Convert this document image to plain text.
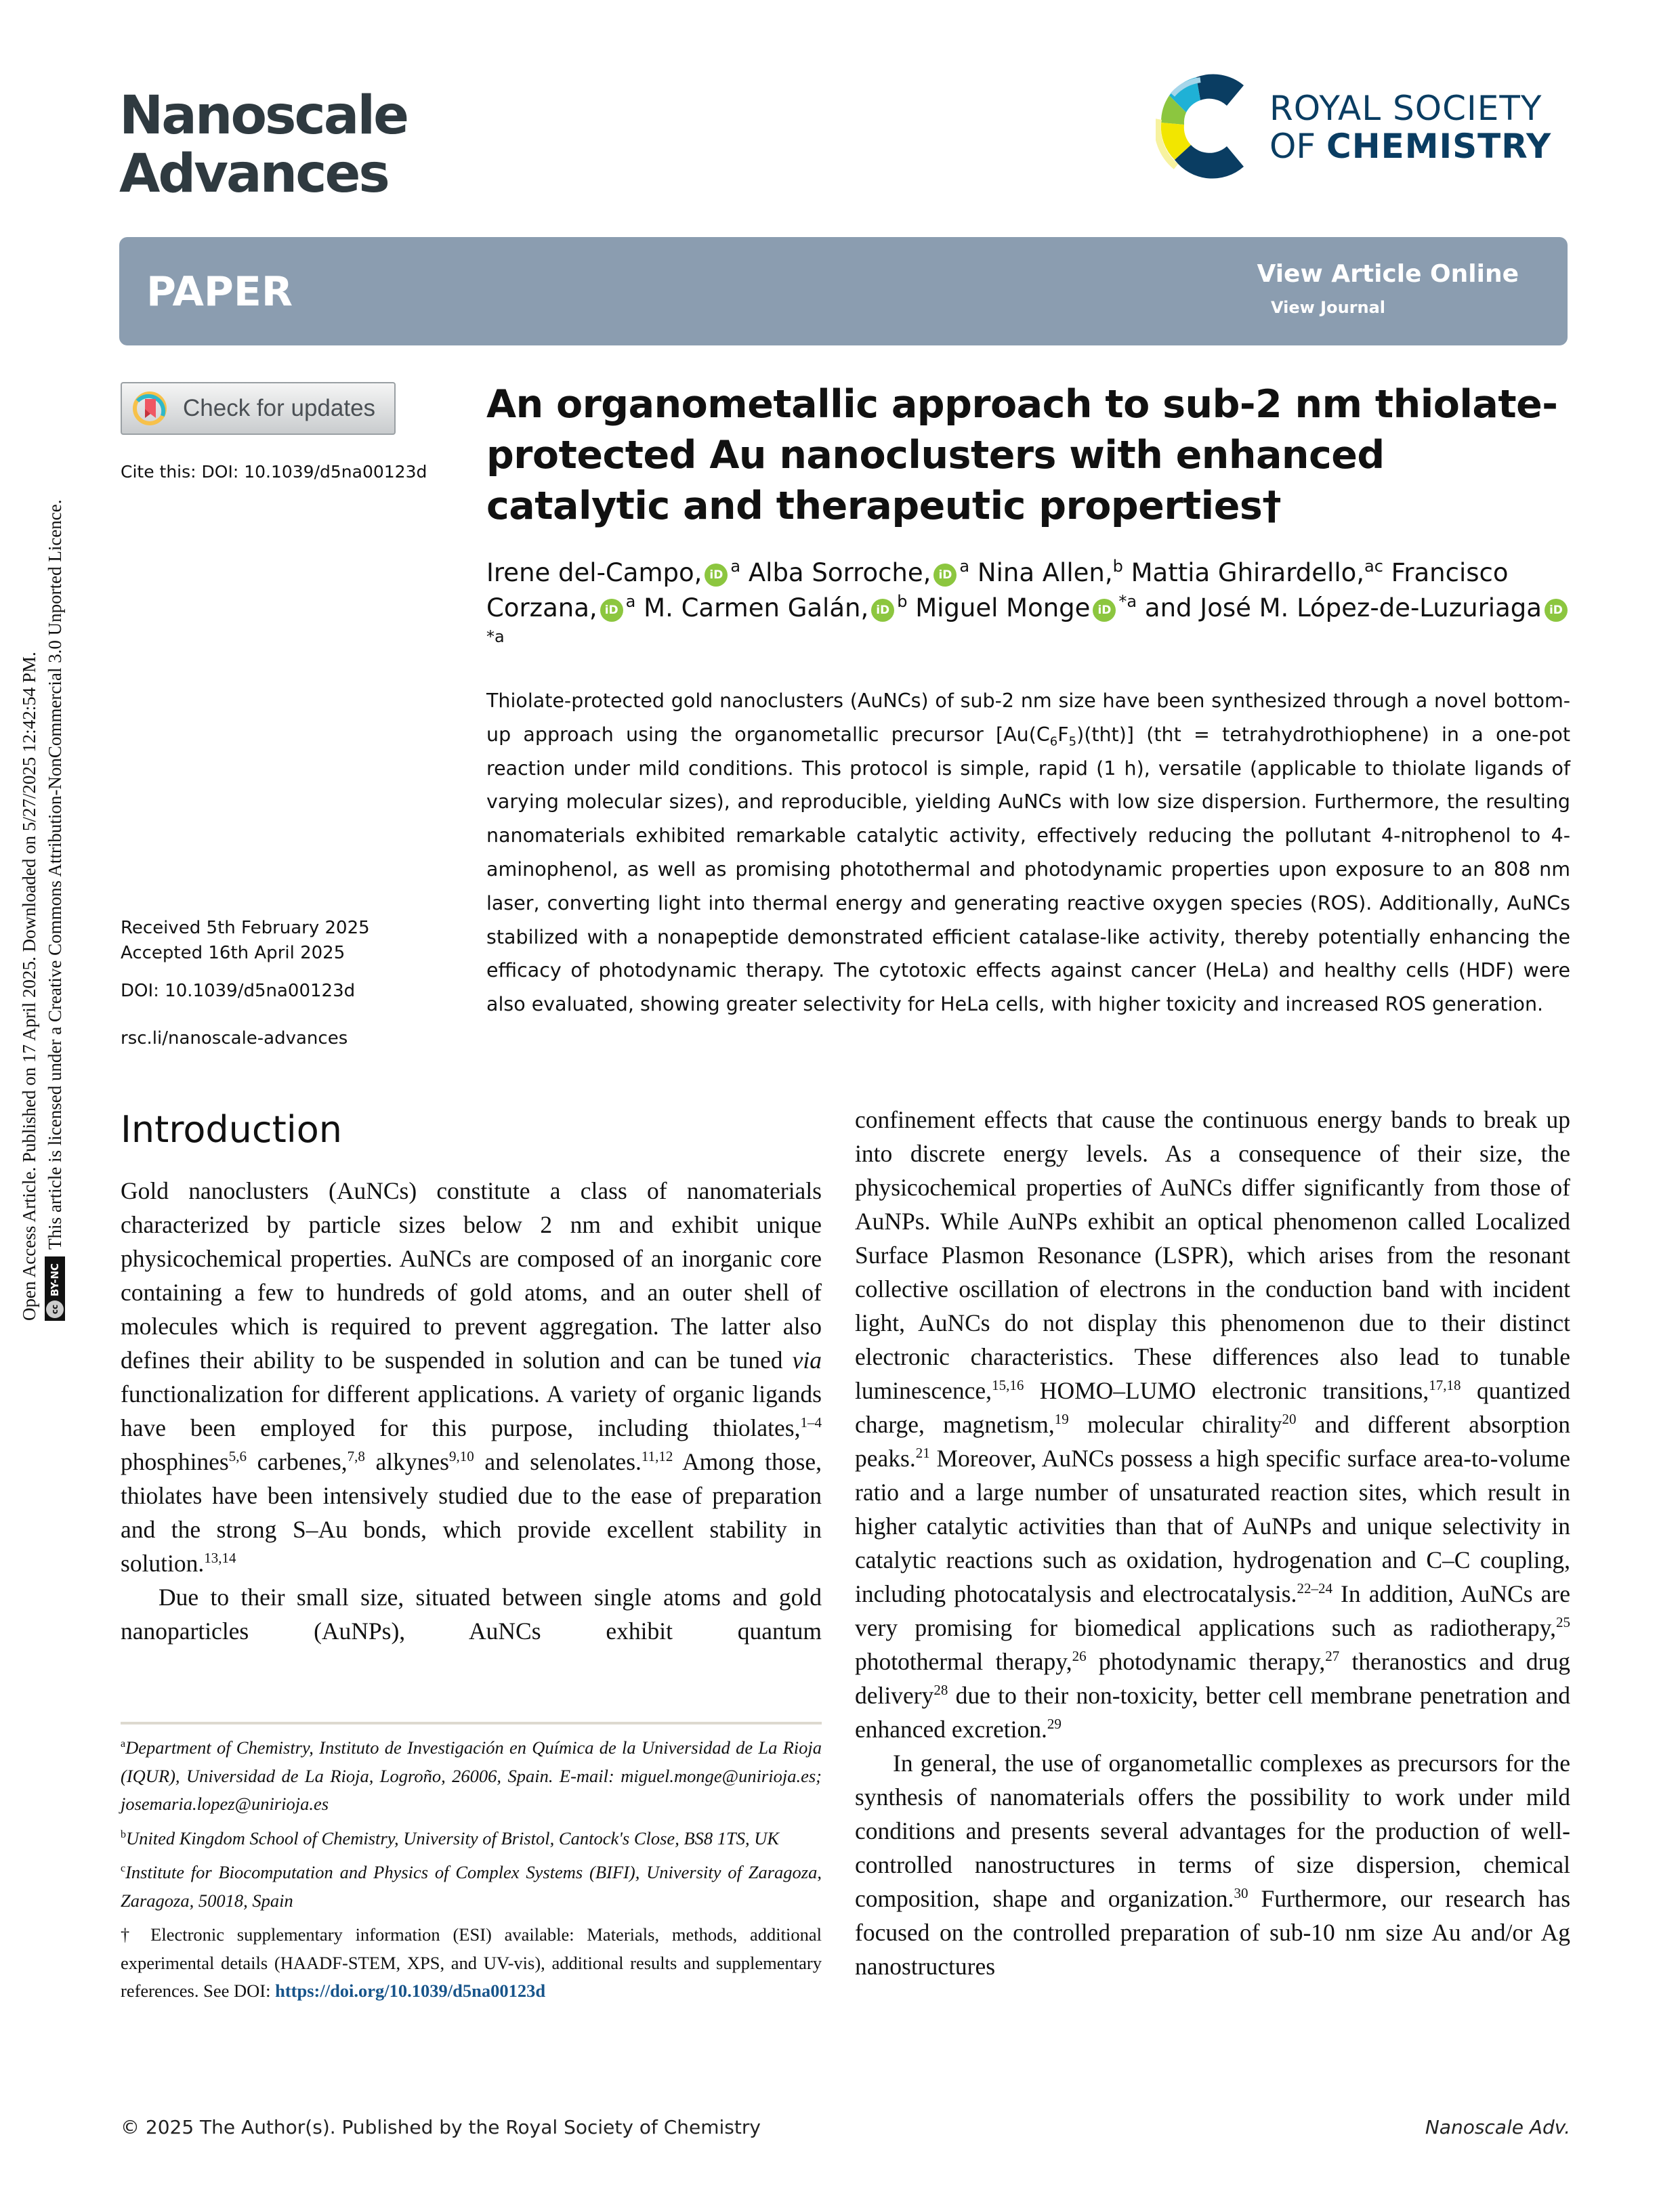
Nanoscale
Advances
ROYAL SOCIETY
OF CHEMISTRY
PAPER	View Article Online
View Journal
Check for updates
Cite this: DOI: 10.1039/d5na00123d
Received 5th February 2025
Accepted 16th April 2025
DOI: 10.1039/d5na00123d
rsc.li/nanoscale-advances
An organometallic approach to sub-2 nm thiolate-protected Au nanoclusters with enhanced catalytic and therapeutic properties†
Irene del-Campo, iD $^a$ Alba Sorroche, iD $^a$ Nina Allen,$^b$ Mattia Ghirardello,$^{ac}$ Francisco Corzana, iD $^a$ M. Carmen Galán, iD $^b$ Miguel Monge iD $^{*a}$ and José M. López-de-Luzuriaga $iD^{*a}$

Thiolate-protected gold nanoclusters (AuNCs) of sub-2 nm size have been synthesized through a novel bottom-up approach using the organometallic precursor $[Au(C_6F_5)(tht)] (tht$ = tetrahydrothiophene) in a one-pot reaction under mild conditions. This protocol is simple, rapid (1 h), versatile (applicable to thiolate ligands of varying molecular sizes), and reproducible, yielding AuNCs with low size dispersion. Furthermore, the resulting nanomaterials exhibited remarkable catalytic activity, effectively reducing the pollutant 4-nitrophenol to 4-aminophenol, as well as promising photothermal and photodynamic properties upon exposure to an 808 nm laser, converting light into thermal energy and generating reactive oxygen species (ROS). Additionally, AuNCs stabilized with a nonapeptide demonstrated efficient catalase-like activity, thereby potentially enhancing the efficacy of photodynamic therapy. The cytotoxic effects against cancer (HeLa) and healthy cells (HDF) were also evaluated, showing greater selectivity for HeLa cells, with higher toxicity and increased ROS generation.

Open Access Article. Published on 17 April 2025. Downloaded on 5/27/2025 12:42:54 PM.	cc
BY-NC
This article is licensed under a Creative Commons Attribution-NonCommercial 3.0 Unported Licence. Introduction

Gold nanoclusters (AuNCs) constitute a class of nanomaterials characterized by particle sizes below 2 nm and exhibit unique physicochemical properties. AuNCs are composed of an inorganic core containing a few to hundreds of gold atoms, and an outer shell of molecules which is required to prevent aggregation. The latter also defines their ability to be suspended in solution and can be tuned via functionalization for different applications. A variety of organic ligands have been employed for this purpose, including thiolates,$^{1-4}$ phosphines$^{5,6}$ carbenes,$^{7,8}$ alkynes$^{9,10}$ and selenolates.$^{11,12}$ Among those, thiolates have been intensively studied due to the ease of preparation and the strong S–Au bonds, which provide excellent stability in solution.$^{13,14}$

Due to their small size, situated between single atoms and gold nanoparticles (AuNPs), AuNCs exhibit quantum

$^a$Department of Chemistry, Instituto de Investigación en Química de la Universidad de La Rioja (IQUR), Universidad de La Rioja, Logroño, 26006, Spain. E-mail: miguel.monge@unirioja.es; josemaria.lopez@unirioja.es

$^b$United Kingdom School of Chemistry, University of Bristol, Cantock's Close, BS8 1TS, UK

$^c$Institute for Biocomputation and Physics of Complex Systems (BIFI), University of Zaragoza, Zaragoza, 50018, Spain

† Electronic supplementary information (ESI) available: Materials, methods, additional experimental details (HAADF-STEM, XPS, and UV-vis), additional results and supplementary references. See DOI: https://doi.org/10.1039/d5na00123d

confinement effects that cause the continuous energy bands to break up into discrete energy levels. As a consequence of their size, the physicochemical properties of AuNCs differ significantly from those of AuNPs. While AuNPs exhibit an optical phenomenon called Localized Surface Plasmon Resonance (LSPR), which arises from the resonant collective oscillation of electrons in the conduction band with incident light, AuNCs do not display this phenomenon due to their distinct electronic characteristics. These differences also lead to tunable luminescence,$^{15,16}$ HOMO–LUMO electronic transitions,$^{17,18}$ quantized charge, magnetism,$^{19}$ molecular chirality$^{20}$ and different absorption peaks.$^{21}$ Moreover, AuNCs possess a high specific surface area-to-volume ratio and a large number of unsaturated reaction sites, which result in higher catalytic activities than that of AuNPs and unique selectivity in catalytic reactions such as oxidation, hydrogenation and C–C coupling, including photocatalysis and electrocatalysis.$^{22-24}$ In addition, AuNCs are very promising for biomedical applications such as radiotherapy,$^{25}$ photothermal therapy,$^{26}$ photodynamic therapy,$^{27}$ theranostics and drug delivery$^{28}$ due to their non-toxicity, better cell membrane penetration and enhanced excretion.$^{29}$

In general, the use of organometallic complexes as precursors for the synthesis of nanomaterials offers the possibility to work under mild conditions and presents several advantages for the production of well-controlled nanostructures in terms of size dispersion, chemical composition, shape and organization.$^{30}$ Furthermore, our research has focused on the controlled preparation of sub-10 nm size Au and/or Ag nanostructures

© 2025 The Author(s). Published by the Royal Society of Chemistry	Nanoscale Adv.
